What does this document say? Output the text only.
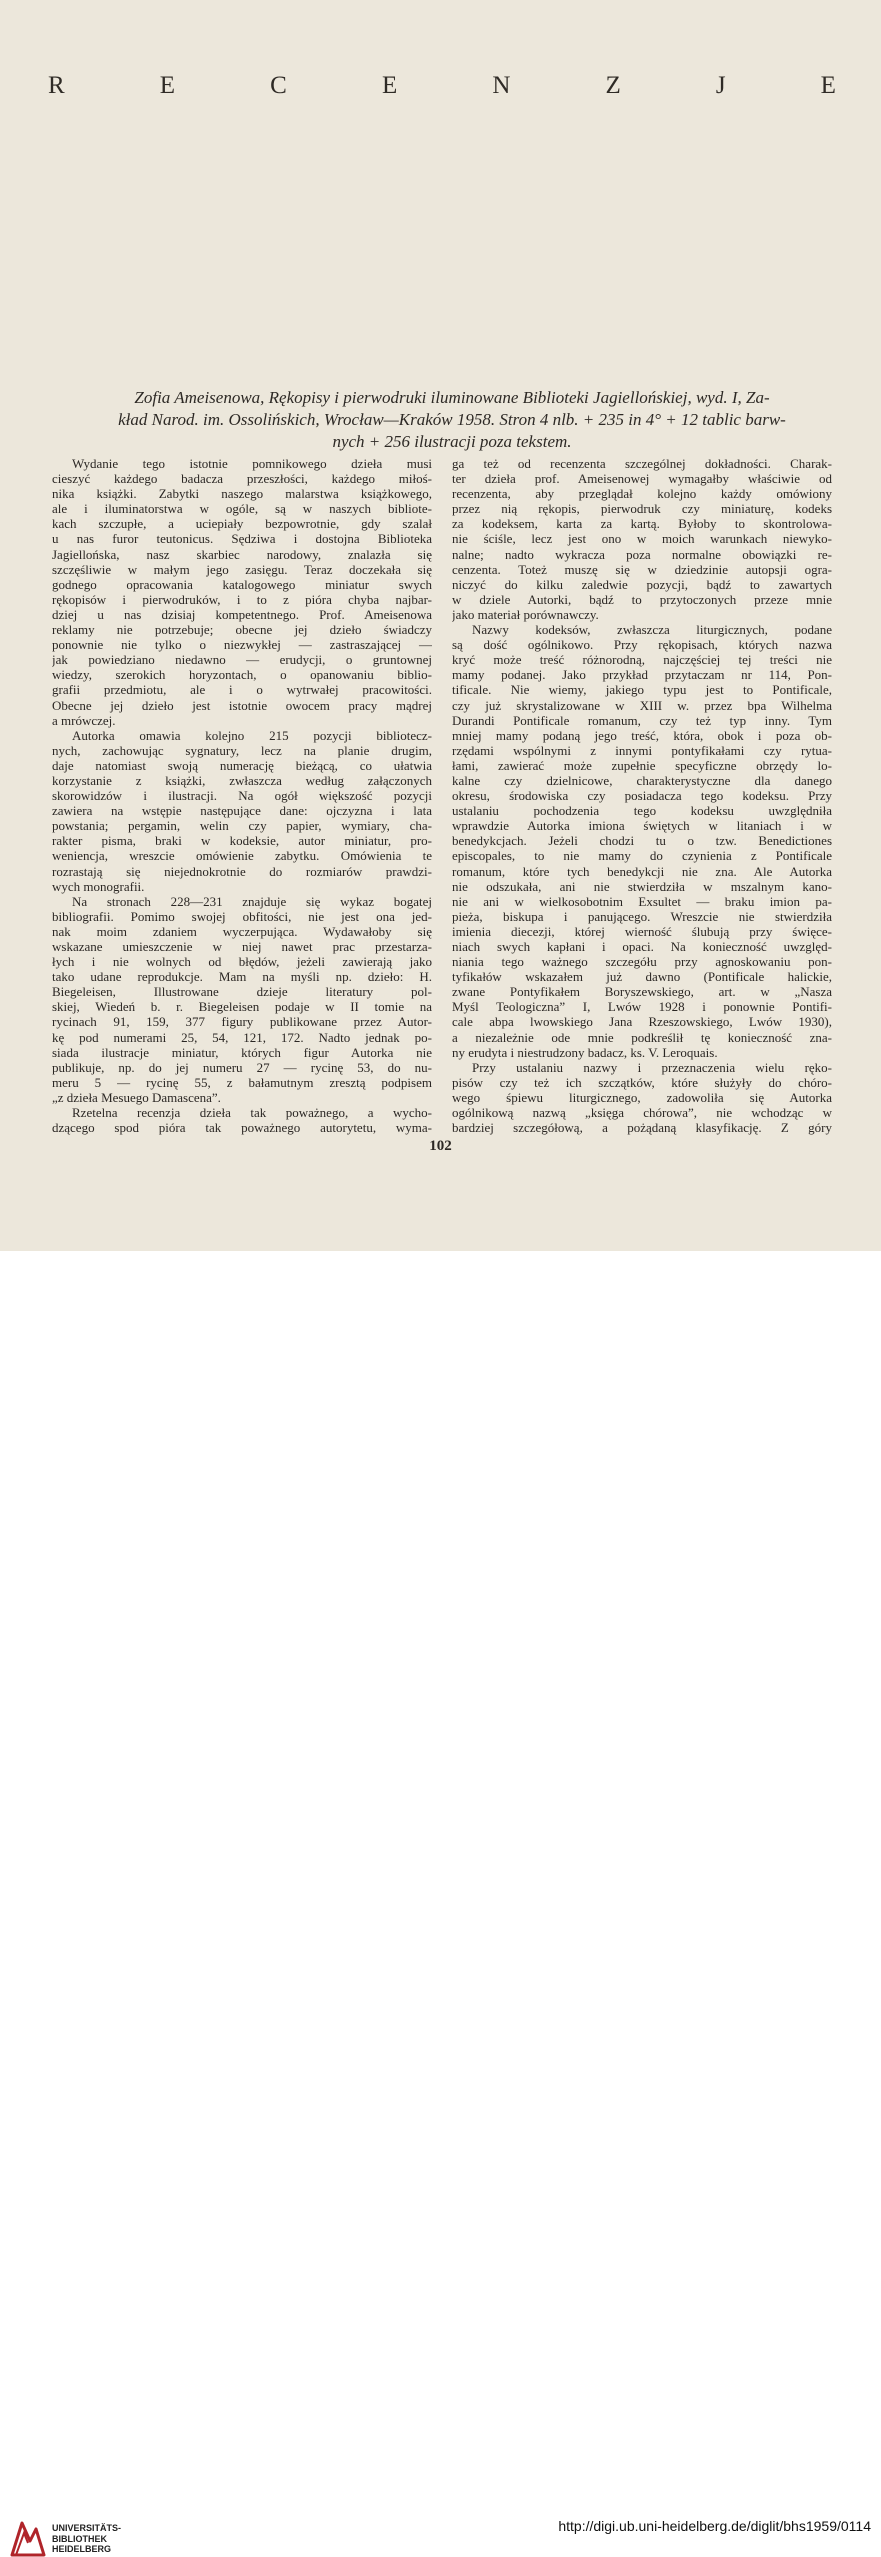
R	E	C	E	N	Z	J	E
Zofia Ameisenowa, Rękopisy i pierwodruki iluminowane Biblioteki Jagiellońskiej, wyd. I, Za-
kład Narod. im. Ossolińskich, Wrocław—Kraków 1958. Stron 4 nlb. + 235 in 4° + 12 tablic barw-
nych + 256 ilustracji poza tekstem.
Wydanie tego istotnie pomnikowego dzieła musi
cieszyć każdego badacza przeszłości, każdego miłoś-
nika książki. Zabytki naszego malarstwa książkowego,
ale i iluminatorstwa w ogóle, są w naszych bibliote-
kach szczupłe, a uciepiały bezpowrotnie, gdy szalał
u nas furor teutonicus. Sędziwa i dostojna Biblioteka
Jagiellońska, nasz skarbiec narodowy, znalazła się
szczęśliwie w małym jego zasięgu. Teraz doczekała się
godnego opracowania katalogowego miniatur swych
rękopisów i pierwodruków, i to z pióra chyba najbar-
dziej u nas dzisiaj kompetentnego. Prof. Ameisenowa
reklamy nie potrzebuje; obecne jej dzieło świadczy
ponownie nie tylko o niezwykłej — zastraszającej —
jak powiedziano niedawno — erudycji, o gruntownej
wiedzy, szerokich horyzontach, o opanowaniu biblio-
grafii przedmiotu, ale i o wytrwałej pracowitości.
Obecne jej dzieło jest istotnie owocem pracy mądrej
a mrówczej.
Autorka omawia kolejno 215 pozycji bibliotecz-
nych, zachowując sygnatury, lecz na planie drugim,
daje natomiast swoją numerację bieżącą, co ułatwia
korzystanie z książki, zwłaszcza według załączonych
skorowidzów i ilustracji. Na ogół większość pozycji
zawiera na wstępie następujące dane: ojczyzna i lata
powstania; pergamin, welin czy papier, wymiary, cha-
rakter pisma, braki w kodeksie, autor miniatur, pro-
weniencja, wreszcie omówienie zabytku. Omówienia te
rozrastają się niejednokrotnie do rozmiarów prawdzi-
wych monografii.
Na stronach 228—231 znajduje się wykaz bogatej
bibliografii. Pomimo swojej obfitości, nie jest ona jed-
nak moim zdaniem wyczerpująca. Wydawałoby się
wskazane umieszczenie w niej nawet prac przestarza-
łych i nie wolnych od błędów, jeżeli zawierają jako
tako udane reprodukcje. Mam na myśli np. dzieło: H.
Biegeleisen, Illustrowane dzieje literatury pol-
skiej, Wiedeń b. r. Biegeleisen podaje w II tomie na
rycinach 91, 159, 377 figury publikowane przez Autor-
kę pod numerami 25, 54, 121, 172. Nadto jednak po-
siada ilustracje miniatur, których figur Autorka nie
publikuje, np. do jej numeru 27 — rycinę 53, do nu-
meru 5 — rycinę 55, z bałamutnym zresztą podpisem
„z dzieła Mesuego Damascena”.
Rzetelna recenzja dzieła tak poważnego, a wycho-
dzącego spod pióra tak poważnego autorytetu, wyma-
ga też od recenzenta szczególnej dokładności. Charak-
ter dzieła prof. Ameisenowej wymagałby właściwie od
recenzenta, aby przeglądał kolejno każdy omówiony
przez nią rękopis, pierwodruk czy miniaturę, kodeks
za kodeksem, karta za kartą. Byłoby to skontrolowa-
nie ściśle, lecz jest ono w moich warunkach niewyko-
nalne; nadto wykracza poza normalne obowiązki re-
cenzenta. Toteż muszę się w dziedzinie autopsji ogra-
niczyć do kilku zaledwie pozycji, bądź to zawartych
w dziele Autorki, bądź to przytoczonych przeze mnie
jako materiał porównawczy.
Nazwy kodeksów, zwłaszcza liturgicznych, podane
są dość ogólnikowo. Przy rękopisach, których nazwa
kryć może treść różnorodną, najczęściej tej treści nie
mamy podanej. Jako przykład przytaczam nr 114, Pon-
tificale. Nie wiemy, jakiego typu jest to Pontificale,
czy już skrystalizowane w XIII w. przez bpa Wilhelma
Durandi Pontificale romanum, czy też typ inny. Tym
mniej mamy podaną jego treść, która, obok i poza ob-
rzędami wspólnymi z innymi pontyfikałami czy rytua-
łami, zawierać może zupełnie specyficzne obrzędy lo-
kalne czy dzielnicowe, charakterystyczne dla danego
okresu, środowiska czy posiadacza tego kodeksu. Przy
ustalaniu pochodzenia tego kodeksu uwzględniła
wprawdzie Autorka imiona świętych w litaniach i w
benedykcjach. Jeżeli chodzi tu o tzw. Benedictiones
episcopales, to nie mamy do czynienia z Pontificale
romanum, które tych benedykcji nie zna. Ale Autorka
nie odszukała, ani nie stwierdziła w mszalnym kano-
nie ani w wielkosobotnim Exsultet — braku imion pa-
pieża, biskupa i panującego. Wreszcie nie stwierdziła
imienia diecezji, której wierność ślubują przy święce-
niach swych kapłani i opaci. Na konieczność uwzględ-
niania tego ważnego szczegółu przy agnoskowaniu pon-
tyfikałów wskazałem już dawno (Pontificale halickie,
zwane Pontyfikałem Boryszewskiego, art. w „Nasza
Myśl Teologiczna” I, Lwów 1928 i ponownie Pontifi-
cale abpa lwowskiego Jana Rzeszowskiego, Lwów 1930),
a niezależnie ode mnie podkreślił tę konieczność zna-
ny erudyta i niestrudzony badacz, ks. V. Leroquais.
Przy ustalaniu nazwy i przeznaczenia wielu ręko-
pisów czy też ich szczątków, które służyły do chóro-
wego śpiewu liturgicznego, zadowoliła się Autorka
ogólnikową nazwą „księga chórowa”, nie wchodząc w
bardziej szczegółową, a pożądaną klasyfikację. Z góry
102
UNIVERSITÄTS-
BIBLIOTHEK
HEIDELBERG
http://digi.ub.uni-heidelberg.de/diglit/bhs1959/0114
